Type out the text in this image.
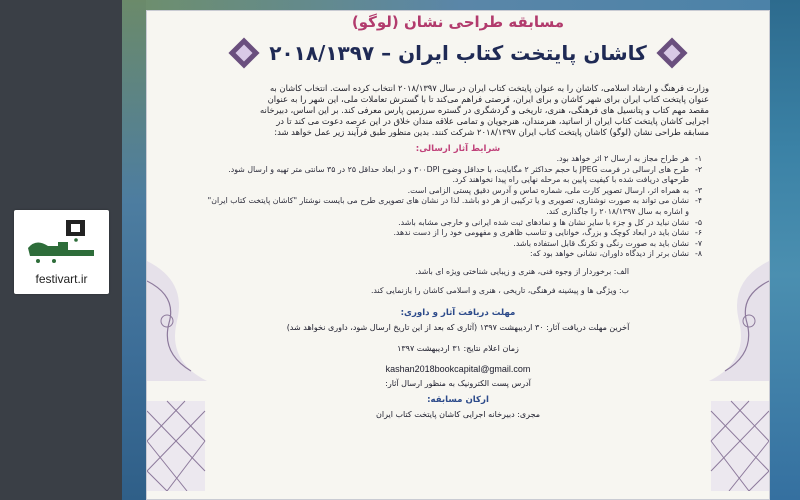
festivart.ir
مسابقه طراحی نشان (لوگو)
کاشان پایتخت کتاب ایران – ۲۰۱۸/۱۳۹۷
وزارت فرهنگ و ارشاد اسلامی، کاشان را به عنوان پایتخت کتاب ایران در سال ۲۰۱۸/۱۳۹۷ انتخاب کرده است. انتخاب کاشان به
عنوان پایتخت کتاب ایران برای شهر کاشان و برای ایران، فرصتی فراهم می‌کند تا با گسترش تعاملات ملی، این شهر را به عنوان
مقصد مهم کتاب و پتانسیل های فرهنگی، هنری، تاریخی و گردشگری در گستره سرزمین پارس معرفی کند. بر این اساس، دبیرخانه
اجرایی کاشان پایتخت کتاب ایران از اساتید، هنرمندان، هنرجویان و تمامی علاقه مندان خلاق در این عرصه دعوت می کند تا در
مسابقه طراحی نشان (لوگو) کاشان پایتخت کتاب ایران ۲۰۱۸/۱۳۹۷ شرکت کنند. بدین منظور طبق فرآیند زیر عمل خواهد شد:
شرایط آثار ارسالی:
۱-
هر طراح مجاز به ارسال ۲ اثر خواهد بود.
۲-
طرح های ارسالی در فرمت JPEG با حجم حداکثر ۲ مگابایت، با حداقل وضوح ۳۰۰DPI و در ابعاد حداقل ۲۵ در ۳۵ سانتی متر تهیه و ارسال شود.
طرحهای دریافت شده با کیفیت پایین به مرحله نهایی راه پیدا نخواهند کرد.
۳-
به همراه اثر، ارسال تصویر کارت ملی، شماره تماس و آدرس دقیق پستی الزامی است.
۴-
نشان می تواند به صورت نوشتاری، تصویری و یا ترکیبی از هر دو باشد. لذا در نشان های تصویری طرح می بایست نوشتار "کاشان پایتخت کتاب ایران"
و اشاره به سال ۲۰۱۸/۱۳۹۷ را جاگذاری کند.
۵-
نشان نباید در کل و جزء با سایر نشان ها و نمادهای ثبت شده ایرانی و خارجی مشابه باشد.
۶-
نشان باید در ابعاد کوچک و بزرگ، خوانایی و تناسب ظاهری و مفهومی خود را از دست ندهد.
۷-
نشان باید به صورت رنگی و تکرنگ قابل استفاده باشد.
۸-
نشان برتر از دیدگاه داوران، نشانی خواهد بود که:
الف: برخوردار از وجوه فنی، هنری و زیبایی شناختی ویژه ای باشد.
ب: ویژگی ها و پیشینه فرهنگی، تاریخی ، هنری و اسلامی کاشان را بازنمایی کند.
مهلت دریافت آثار و داوری:
آخرین مهلت دریافت آثار: ۳۰ اردیبهشت ۱۳۹۷ (آثاری که بعد از این تاریخ ارسال شود، داوری نخواهد شد)
زمان اعلام نتایج: ۳۱ اردیبهشت ۱۳۹۷
kashan2018bookcapital@gmail.com
آدرس پست الکترونیک به منظور ارسال آثار:
ارکان مسابقه:
مجری: دبیرخانه اجرایی کاشان پایتخت کتاب ایران
